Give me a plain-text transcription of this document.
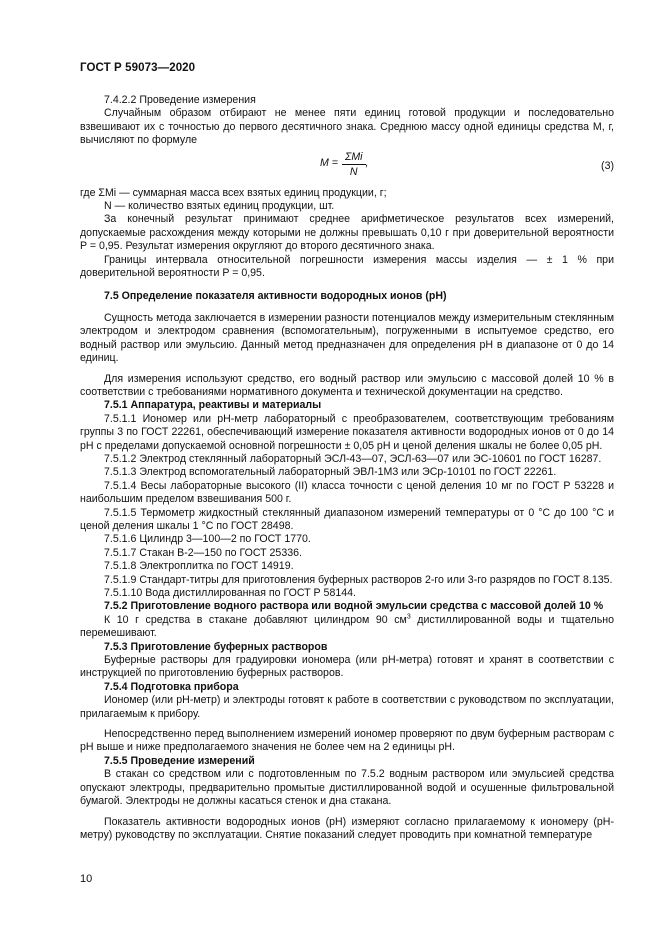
ГОСТ Р 59073—2020

7.4.2.2 Проведение измерения

Случайным образом отбирают не менее пяти единиц готовой продукции и последовательно взвешивают их с точностью до первого десятичного знака. Среднюю массу одной единицы средства M, г, вычисляют по формуле

$M = \frac{\text{ΣMi}}{N}$ ,	(3)

где ΣMi — суммарная масса всех взятых единиц продукции, г;

N — количество взятых единиц продукции, шт.

За конечный результат принимают среднее арифметическое результатов всех измерений, допускаемые расхождения между которыми не должны превышать 0,10 г при доверительной вероятности P = 0,95. Результат измерения округляют до второго десятичного знака.

Границы интервала относительной погрешности измерения массы изделия — ± 1 % при доверительной вероятности P = 0,95.

7.5 Определение показателя активности водородных ионов (pH)

Сущность метода заключается в измерении разности потенциалов между измерительным стеклянным электродом и электродом сравнения (вспомогательным), погруженными в испытуемое средство, его водный раствор или эмульсию. Данный метод предназначен для определения pH в диапазоне от 0 до 14 единиц.

Для измерения используют средство, его водный раствор или эмульсию с массовой долей 10 % в соответствии с требованиями нормативного документа и технической документации на средство.

7.5.1 Аппаратура, реактивы и материалы

7.5.1.1 Иономер или pH-метр лабораторный с преобразователем, соответствующим требованиям группы 3 по ГОСТ 22261, обеспечивающий измерение показателя активности водородных ионов от 0 до 14 pH с пределами допускаемой основной погрешности ± 0,05 pH и ценой деления шкалы не более 0,05 pH.

7.5.1.2 Электрод стеклянный лабораторный ЭСЛ-43—07, ЭСЛ-63—07 или ЭС-10601 по ГОСТ 16287.

7.5.1.3 Электрод вспомогательный лабораторный ЭВЛ-1М3 или ЭСр-10101 по ГОСТ 22261.

7.5.1.4 Весы лабораторные высокого (II) класса точности с ценой деления 10 мг по ГОСТ Р 53228 и наибольшим пределом взвешивания 500 г.

7.5.1.5 Термометр жидкостный стеклянный диапазоном измерений температуры от 0 °С до 100 °С и ценой деления шкалы 1 °С по ГОСТ 28498.

7.5.1.6 Цилиндр 3—100—2 по ГОСТ 1770.

7.5.1.7 Стакан В-2—150 по ГОСТ 25336.

7.5.1.8 Электроплитка по ГОСТ 14919.

7.5.1.9 Стандарт-титры для приготовления буферных растворов 2-го или 3-го разрядов по ГОСТ 8.135.

7.5.1.10 Вода дистиллированная по ГОСТ Р 58144.

7.5.2 Приготовление водного раствора или водной эмульсии средства с массовой долей 10 %

К 10 г средства в стакане добавляют цилиндром 90 $см^3$ дистиллированной воды и тщательно перемешивают.

7.5.3 Приготовление буферных растворов

Буферные растворы для градуировки иономера (или pH-метра) готовят и хранят в соответствии с инструкцией по приготовлению буферных растворов.

7.5.4 Подготовка прибора

Иономер (или pH-метр) и электроды готовят к работе в соответствии с руководством по эксплуатации, прилагаемым к прибору.

Непосредственно перед выполнением измерений иономер проверяют по двум буферным растворам с pH выше и ниже предполагаемого значения не более чем на 2 единицы pH.

7.5.5 Проведение измерений

В стакан со средством или с подготовленным по 7.5.2 водным раствором или эмульсией средства опускают электроды, предварительно промытые дистиллированной водой и осушенные фильтровальной бумагой. Электроды не должны касаться стенок и дна стакана.

Показатель активности водородных ионов (pH) измеряют согласно прилагаемому к иономеру (pH-метру) руководству по эксплуатации. Снятие показаний следует проводить при комнатной температуре

10
